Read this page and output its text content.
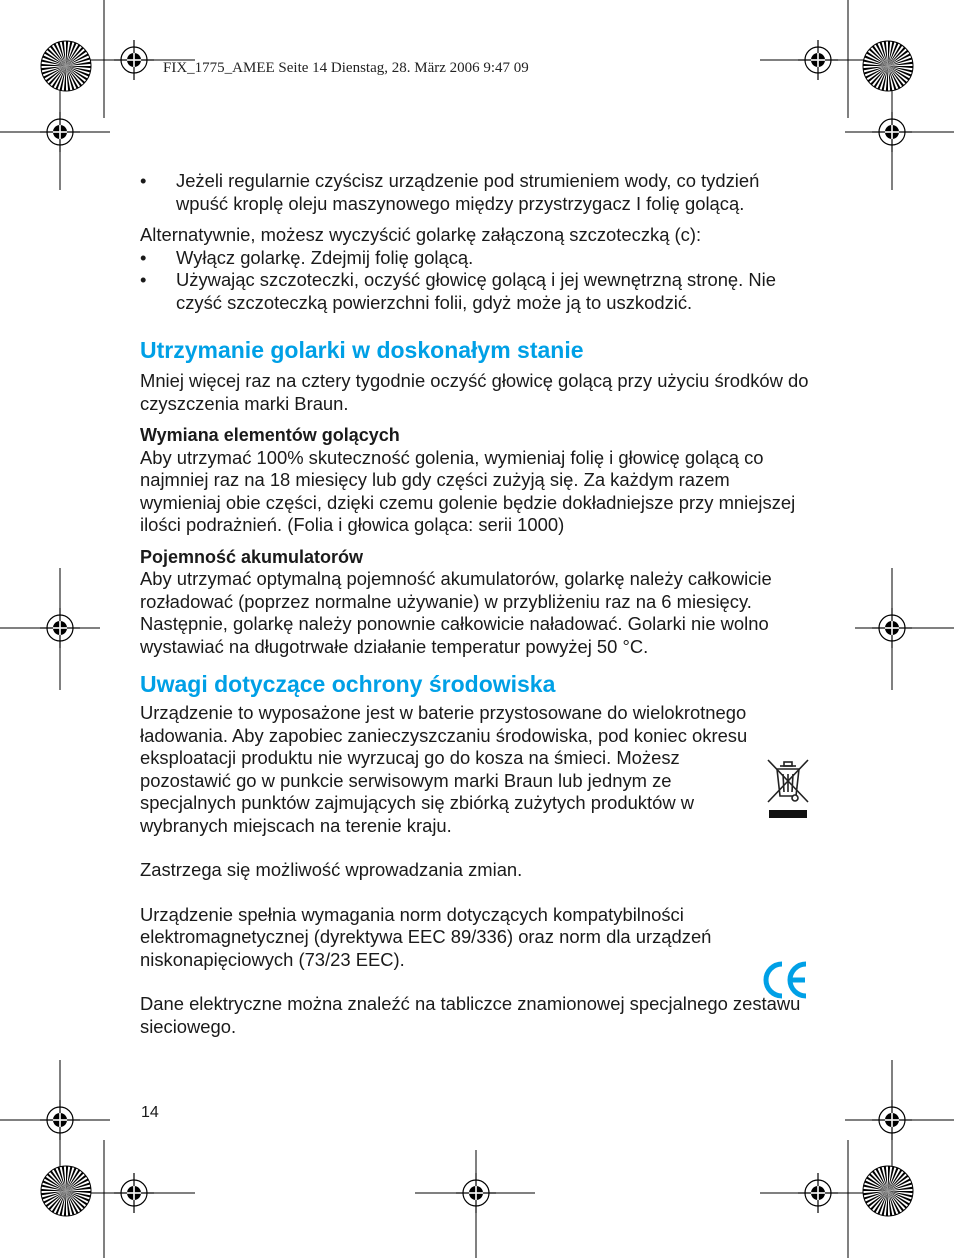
FIX_1775_AMEE Seite 14 Dienstag, 28. März 2006 9:47 09

• Jeżeli regularnie czyścisz urządzenie pod strumieniem wody, co tydzień wpuść kroplę oleju maszynowego między przystrzygacz I folię golącą.

Alternatywnie, możesz wyczyścić golarkę załączoną szczoteczką (c):

• Wyłącz golarkę. Zdejmij folię golącą.

• Używając szczoteczki, oczyść głowicę golącą i jej wewnętrzną stronę. Nie czyść szczoteczką powierzchni folii, gdyż może ją to uszkodzić.

Utrzymanie golarki w doskonałym stanie

Mniej więcej raz na cztery tygodnie oczyść głowicę golącą przy użyciu środków do czyszczenia marki Braun.

Wymiana elementów golących

Aby utrzymać 100% skuteczność golenia, wymieniaj folię i głowicę golącą co najmniej raz na 18 miesięcy lub gdy części zużyją się. Za każdym razem wymieniaj obie części, dzięki czemu golenie będzie dokładniejsze przy mniejszej ilości podrażnień. (Folia i głowica goląca: serii 1000)

Pojemność akumulatorów

Aby utrzymać optymalną pojemność akumulatorów, golarkę należy całkowicie rozładować (poprzez normalne używanie) w przybliżeniu raz na 6 miesięcy. Następnie, golarkę należy ponownie całkowicie naładować. Golarki nie wolno wystawiać na długotrwałe działanie temperatur powyżej 50 °C.

Uwagi dotyczące ochrony środowiska

Urządzenie to wyposażone jest w baterie przystosowane do wielokrotnego ładowania. Aby zapobiec zanieczyszczaniu środowiska, pod koniec okresu eksploatacji produktu nie wyrzucaj go do kosza na śmieci. Możesz pozostawić go w punkcie serwisowym marki Braun lub jednym ze specjalnych punktów zajmujących się zbiórką zużytych produktów w wybranych miejscach na terenie kraju.

Zastrzega się możliwość wprowadzania zmian.

Urządzenie spełnia wymagania norm dotyczących kompatybilności elektromagnetycznej (dyrektywa EEC 89/336) oraz norm dla urządzeń niskonapięciowych (73/23 EEC).

Dane elektryczne można znaleźć na tabliczce znamionowej specjalnego zestawu sieciowego.

14
